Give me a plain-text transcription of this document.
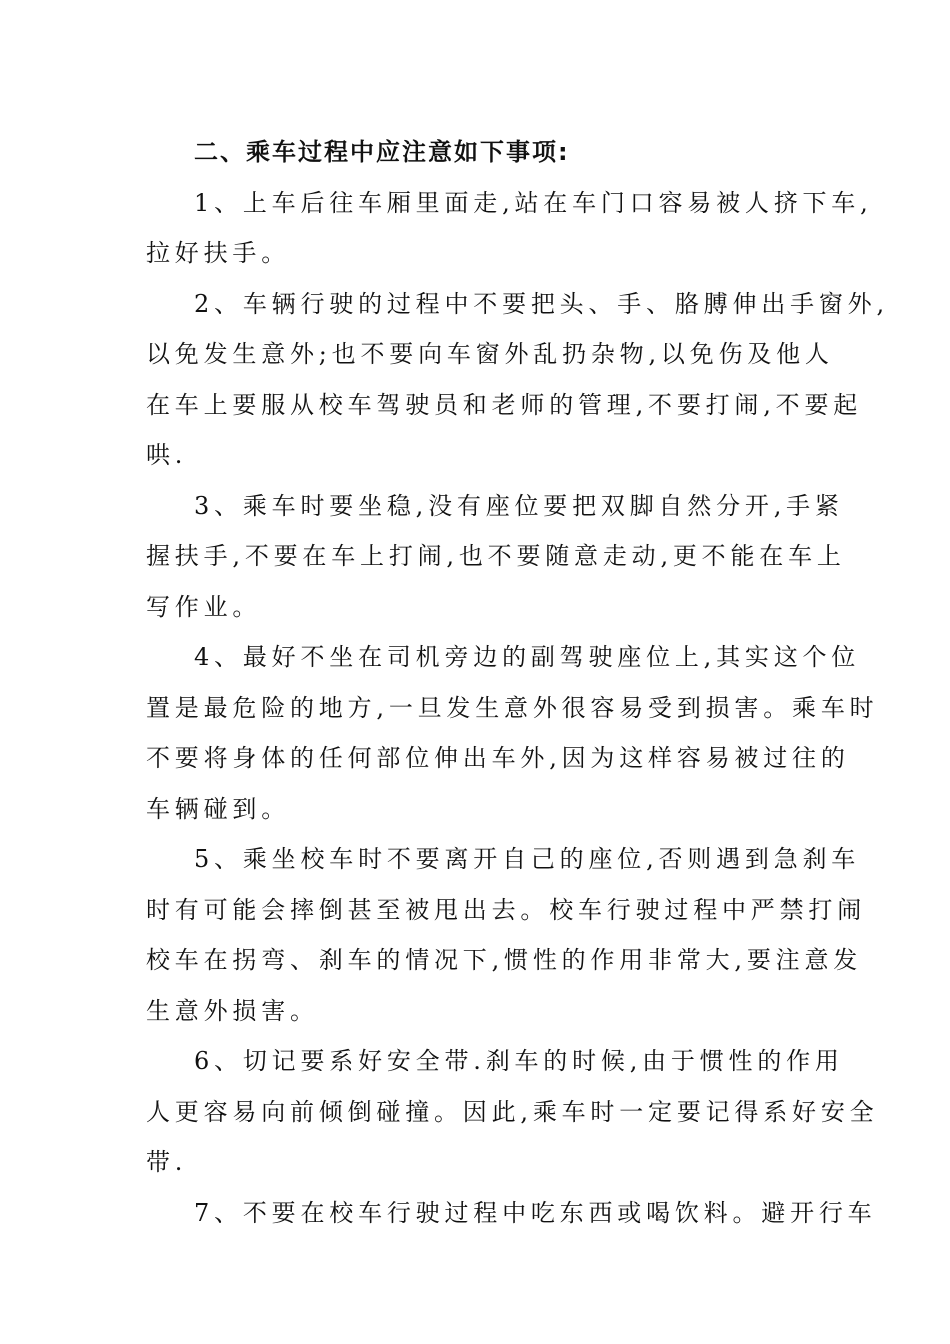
二、乘车过程中应注意如下事项:

1、上车后往车厢里面走,站在车门口容易被人挤下车,
拉好扶手。
2、车辆行驶的过程中不要把头、手、胳膊伸出手窗外,
以免发生意外;也不要向车窗外乱扔杂物,以免伤及他人
在车上要服从校车驾驶员和老师的管理,不要打闹,不要起
哄.
3、乘车时要坐稳,没有座位要把双脚自然分开,手紧
握扶手,不要在车上打闹,也不要随意走动,更不能在车上
写作业。
4、最好不坐在司机旁边的副驾驶座位上,其实这个位
置是最危险的地方,一旦发生意外很容易受到损害。乘车时
不要将身体的任何部位伸出车外,因为这样容易被过往的
车辆碰到。
5、乘坐校车时不要离开自己的座位,否则遇到急刹车
时有可能会摔倒甚至被甩出去。校车行驶过程中严禁打闹
校车在拐弯、刹车的情况下,惯性的作用非常大,要注意发
生意外损害。
6、切记要系好安全带.刹车的时候,由于惯性的作用
人更容易向前倾倒碰撞。因此,乘车时一定要记得系好安全
带.
7、不要在校车行驶过程中吃东西或喝饮料。避开行车
